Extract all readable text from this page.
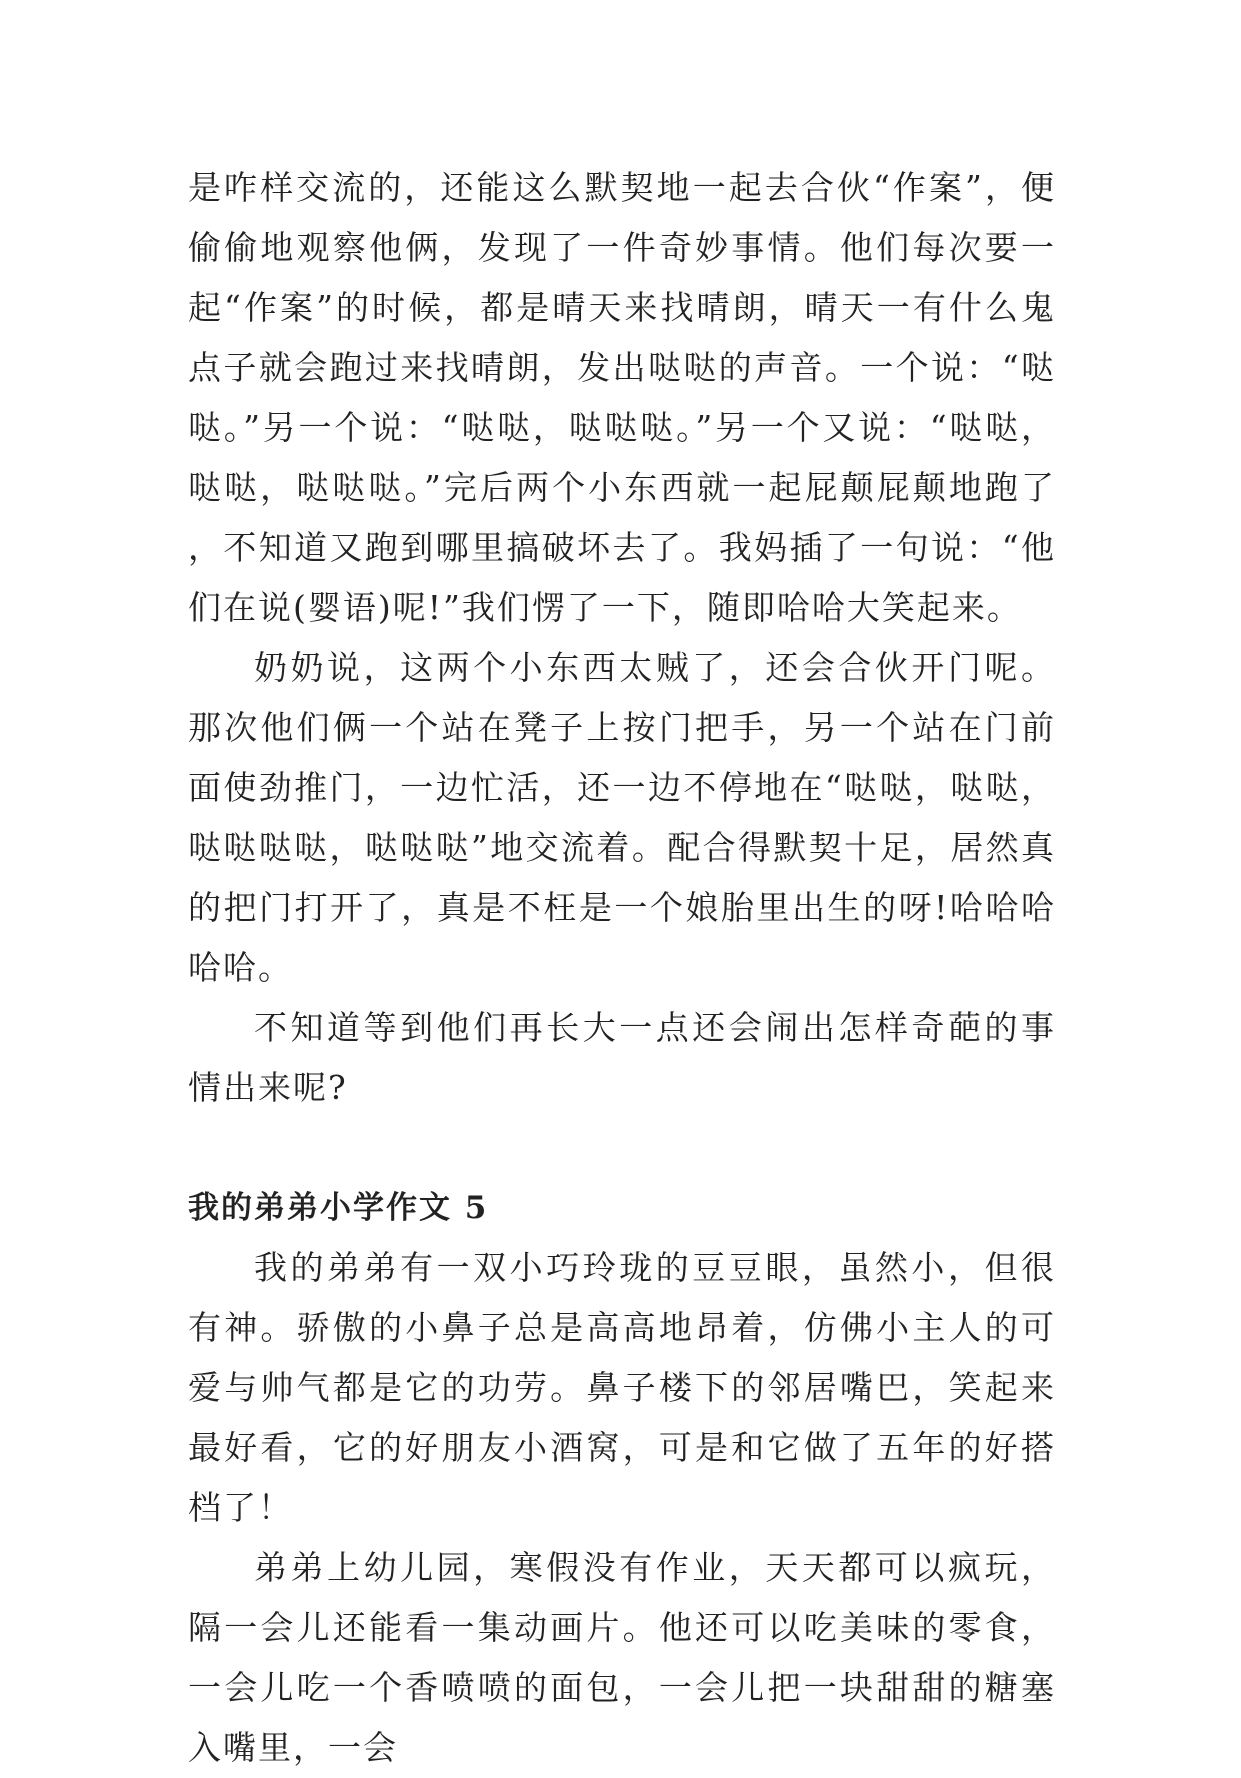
是咋样交流的，还能这么默契地一起去合伙“作案”，便偷偷地观察他俩，发现了一件奇妙事情。他们每次要一起“作案”的时候，都是晴天来找晴朗，晴天一有什么鬼点子就会跑过来找晴朗，发出哒哒的声音。一个说：“哒哒。”另一个说：“哒哒，哒哒哒。”另一个又说：“哒哒，哒哒，哒哒哒。”完后两个小东西就一起屁颠屁颠地跑了，不知道又跑到哪里搞破坏去了。我妈插了一句说：“他们在说(婴语)呢!”我们愣了一下，随即哈哈大笑起来。

奶奶说，这两个小东西太贼了，还会合伙开门呢。那次他们俩一个站在凳子上按门把手，另一个站在门前面使劲推门，一边忙活，还一边不停地在“哒哒，哒哒，哒哒哒哒，哒哒哒”地交流着。配合得默契十足，居然真的把门打开了，真是不枉是一个娘胎里出生的呀!哈哈哈哈哈。

不知道等到他们再长大一点还会闹出怎样奇葩的事情出来呢?

我的弟弟小学作文 5

我的弟弟有一双小巧玲珑的豆豆眼，虽然小，但很有神。骄傲的小鼻子总是高高地昂着，仿佛小主人的可爱与帅气都是它的功劳。鼻子楼下的邻居嘴巴，笑起来最好看，它的好朋友小酒窝，可是和它做了五年的好搭档了！

弟弟上幼儿园，寒假没有作业，天天都可以疯玩，隔一会儿还能看一集动画片。他还可以吃美味的零食，一会儿吃一个香喷喷的面包，一会儿把一块甜甜的糖塞入嘴里，一会
